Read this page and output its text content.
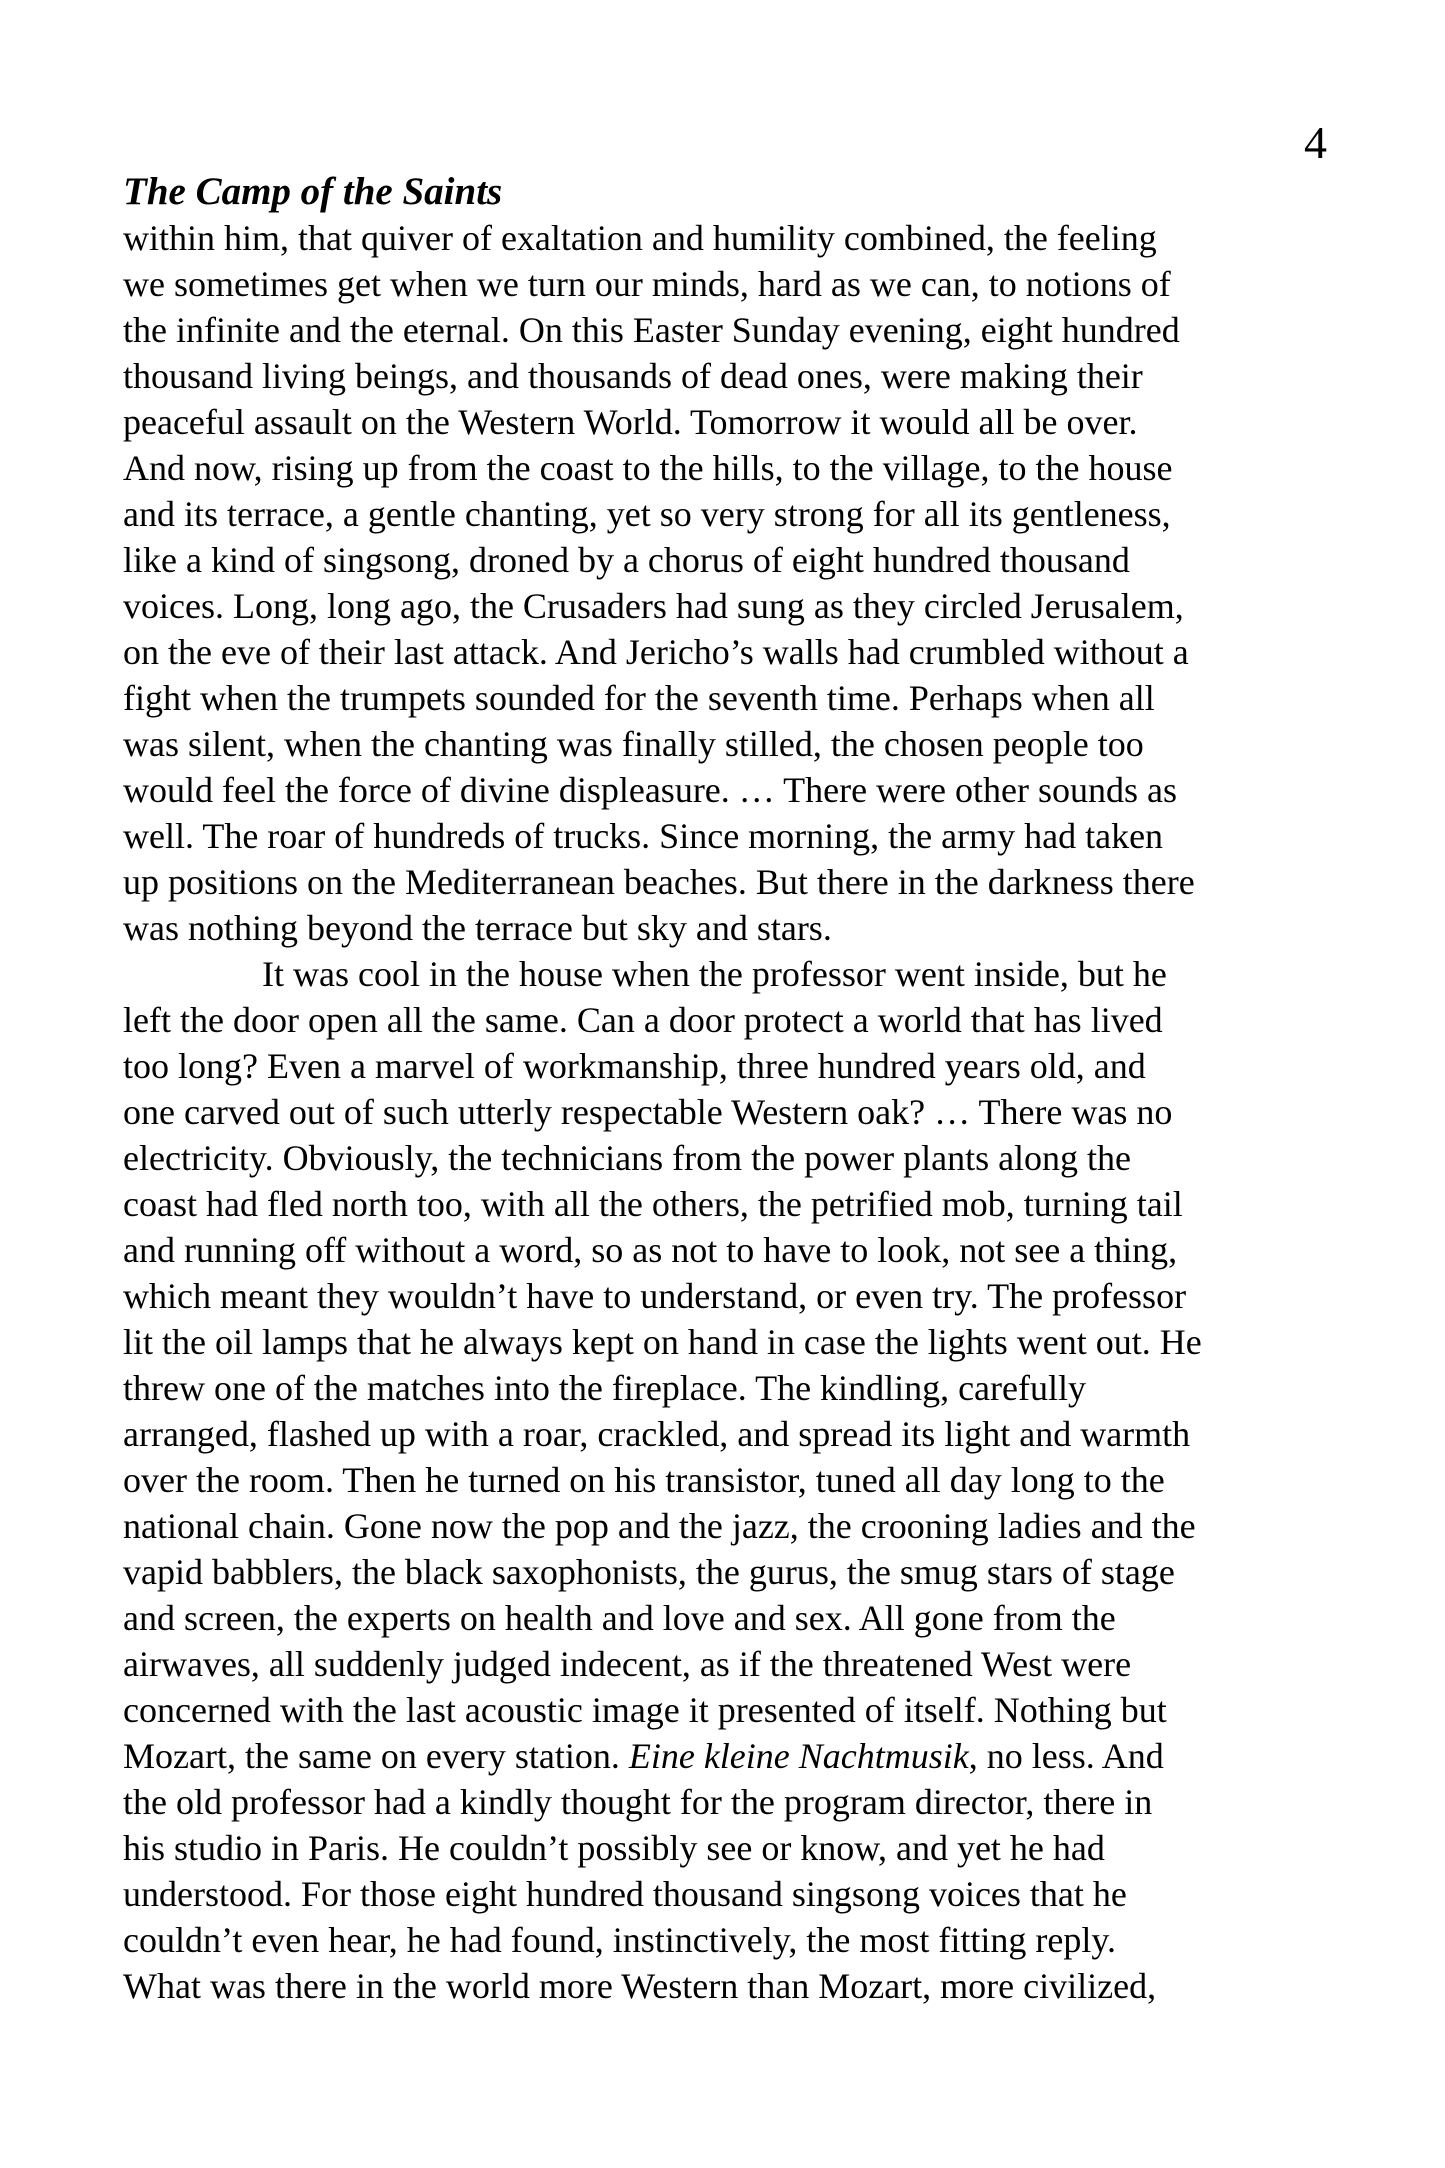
4
The Camp of the Saints
within him, that quiver of exaltation and humility combined, the feeling
we sometimes get when we turn our minds, hard as we can, to notions of
the infinite and the eternal. On this Easter Sunday evening, eight hundred
thousand living beings, and thousands of dead ones, were making their
peaceful assault on the Western World. Tomorrow it would all be over.
And now, rising up from the coast to the hills, to the village, to the house
and its terrace, a gentle chanting, yet so very strong for all its gentleness,
like a kind of singsong, droned by a chorus of eight hundred thousand
voices. Long, long ago, the Crusaders had sung as they circled Jerusalem,
on the eve of their last attack. And Jericho’s walls had crumbled without a
fight when the trumpets sounded for the seventh time. Perhaps when all
was silent, when the chanting was finally stilled, the chosen people too
would feel the force of divine displeasure. … There were other sounds as
well. The roar of hundreds of trucks. Since morning, the army had taken
up positions on the Mediterranean beaches. But there in the darkness there
was nothing beyond the terrace but sky and stars.
It was cool in the house when the professor went inside, but he
left the door open all the same. Can a door protect a world that has lived
too long? Even a marvel of workmanship, three hundred years old, and
one carved out of such utterly respectable Western oak? … There was no
electricity. Obviously, the technicians from the power plants along the
coast had fled north too, with all the others, the petrified mob, turning tail
and running off without a word, so as not to have to look, not see a thing,
which meant they wouldn’t have to understand, or even try. The professor
lit the oil lamps that he always kept on hand in case the lights went out. He
threw one of the matches into the fireplace. The kindling, carefully
arranged, flashed up with a roar, crackled, and spread its light and warmth
over the room. Then he turned on his transistor, tuned all day long to the
national chain. Gone now the pop and the jazz, the crooning ladies and the
vapid babblers, the black saxophonists, the gurus, the smug stars of stage
and screen, the experts on health and love and sex. All gone from the
airwaves, all suddenly judged indecent, as if the threatened West were
concerned with the last acoustic image it presented of itself. Nothing but
Mozart, the same on every station. Eine kleine Nachtmusik, no less. And
the old professor had a kindly thought for the program director, there in
his studio in Paris. He couldn’t possibly see or know, and yet he had
understood. For those eight hundred thousand singsong voices that he
couldn’t even hear, he had found, instinctively, the most fitting reply.
What was there in the world more Western than Mozart, more civilized,
